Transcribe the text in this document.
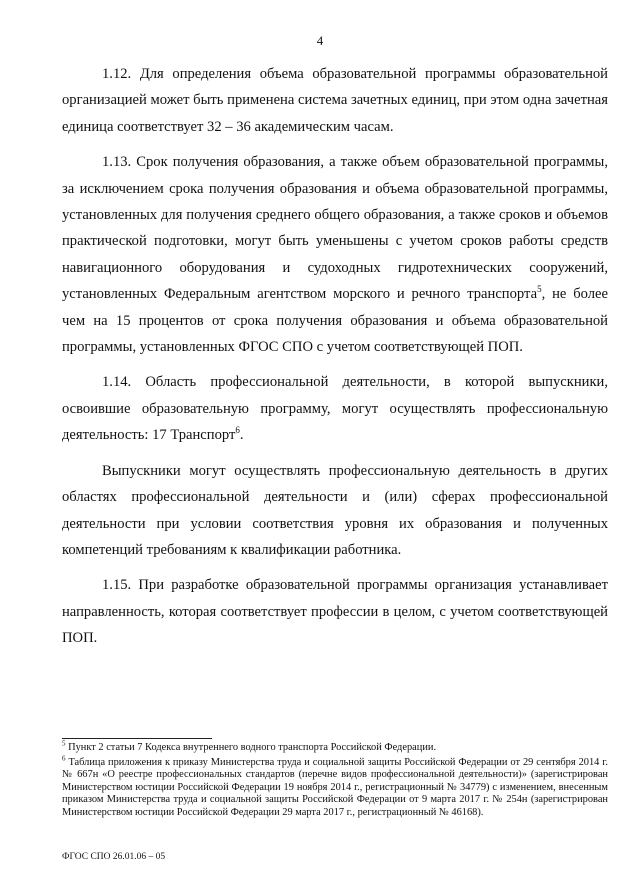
4

1.12. Для определения объема образовательной программы образовательной организацией может быть применена система зачетных единиц, при этом одна зачетная единица соответствует 32 – 36 академическим часам.

1.13. Срок получения образования, а также объем образовательной программы, за исключением срока получения образования и объема образовательной программы, установленных для получения среднего общего образования, а также сроков и объемов практической подготовки, могут быть уменьшены с учетом сроков работы средств навигационного оборудования и судоходных гидротехнических сооружений, установленных Федеральным агентством морского и речного транспорта$^5$, не более чем на 15 процентов от срока получения образования и объема образовательной программы, установленных ФГОС СПО с учетом соответствующей ПОП.

1.14. Область профессиональной деятельности, в которой выпускники, освоившие образовательную программу, могут осуществлять профессиональную деятельность: 17 Транспорт$^6$.

Выпускники могут осуществлять профессиональную деятельность в других областях профессиональной деятельности и (или) сферах профессиональной деятельности при условии соответствия уровня их образования и полученных компетенций требованиям к квалификации работника.

1.15. При разработке образовательной программы организация устанавливает направленность, которая соответствует профессии в целом, с учетом соответствующей ПОП.

$^5$ Пункт 2 статьи 7 Кодекса внутреннего водного транспорта Российской Федерации.

$^6$ Таблица приложения к приказу Министерства труда и социальной защиты Российской Федерации от 29 сентября 2014 г. № 667н «О реестре профессиональных стандартов (перечне видов профессиональной деятельности)» (зарегистрирован Министерством юстиции Российской Федерации 19 ноября 2014 г., регистрационный № 34779) с изменением, внесенным приказом Министерства труда и социальной защиты Российской Федерации от 9 марта 2017 г. № 254н (зарегистрирован Министерством юстиции Российской Федерации 29 марта 2017 г., регистрационный № 46168).

ФГОС СПО 26.01.06 – 05
